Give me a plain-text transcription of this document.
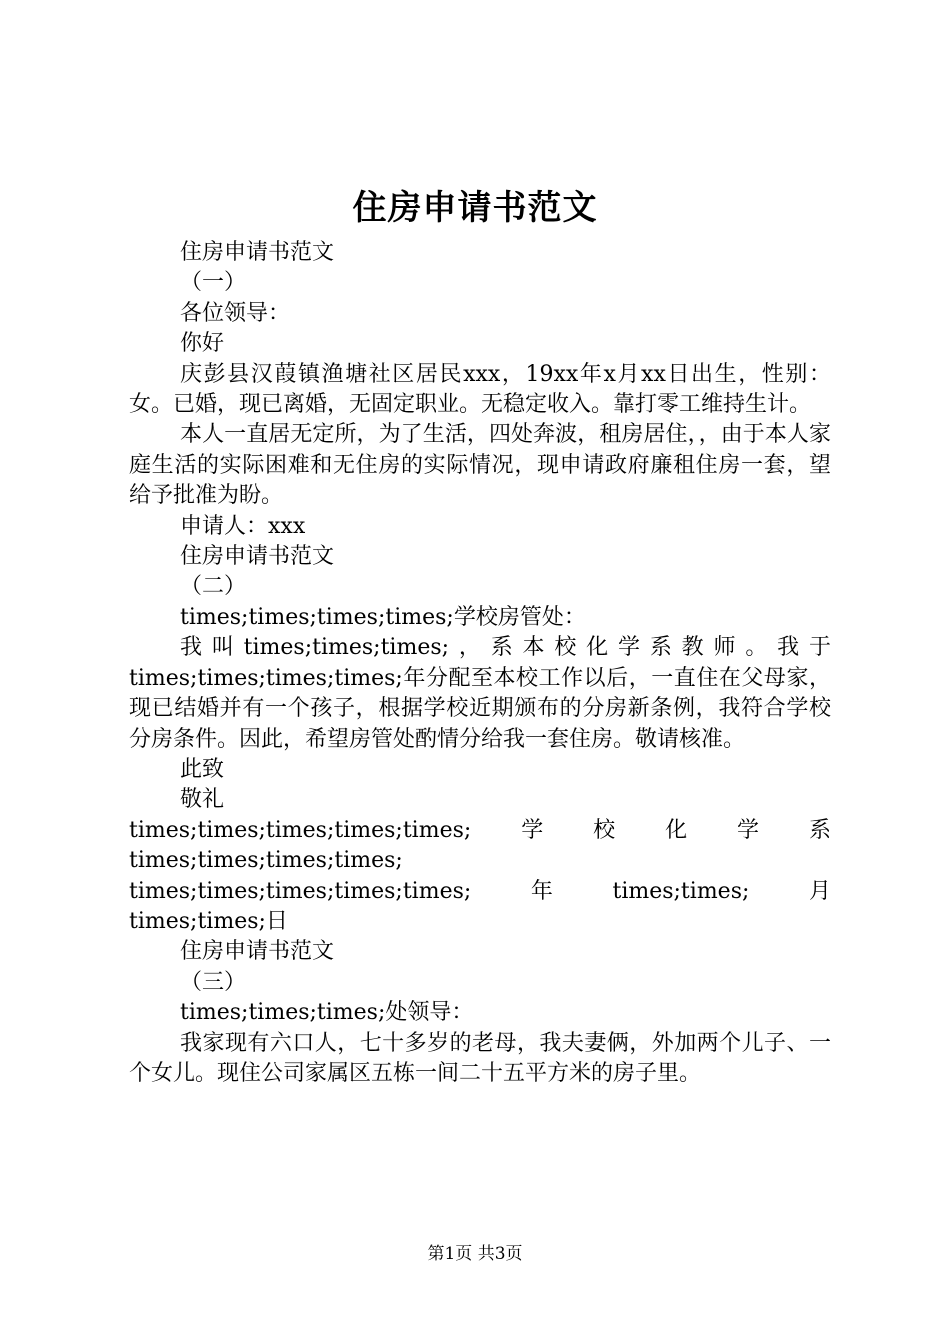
住房申请书范文

住房申请书范文

（一）

各位领导：

你好

庆彭县汉葭镇渔塘社区居民xxx，19xx年x月xx日出生，性别：女。已婚，现已离婚，无固定职业。无稳定收入。靠打零工维持生计。

本人一直居无定所，为了生活，四处奔波，租房居住，，由于本人家庭生活的实际困难和无住房的实际情况，现申请政府廉租住房一套，望给予批准为盼。

申请人：xxx

住房申请书范文

（二）

times;times;times;times;学校房管处：

我叫times;times;times;，系本校化学系教师。我于times;times;times;times;年分配至本校工作以后，一直住在父母家，现已结婚并有一个孩子，根据学校近期颁布的分房新条例，我符合学校分房条件。因此，希望房管处酌情分给我一套住房。敬请核准。

此致

敬礼

times;times;times;times;times;学校化学系

times;times;times;times;

times;times;times;times;times;年times;times;月

times;times;日

住房申请书范文

（三）

times;times;times;处领导：

我家现有六口人，七十多岁的老母，我夫妻俩，外加两个儿子、一个女儿。现住公司家属区五栋一间二十五平方米的房子里。

第1页 共3页
